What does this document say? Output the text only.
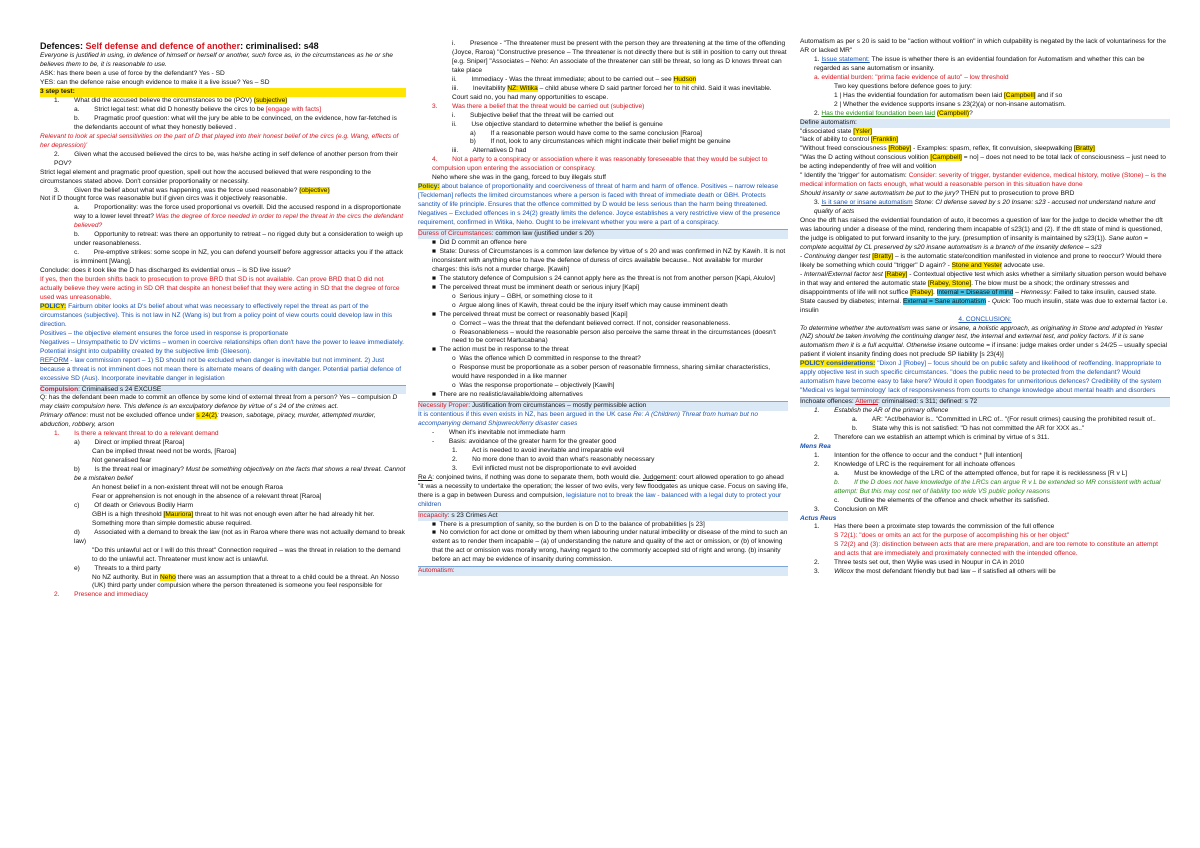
Defences: Self defense and defence of another: criminalised: s48
Everyone is justified in using, in defence of himself or herself or another, such force as, in the circumstances as he or she believes them to be, it is reasonable to use.
ASK: has there been a use of force by the defendant? Yes - SD
YES: can the defence raise enough evidence to make it a live issue? Yes – SD
3 step test:
1.        What did the accused believe the circumstances to be (POV) (subjective)
a.        Strict legal test: what did D honestly believe the circs to be [engage with facts]
b.        Pragmatic proof question: what will the jury be able to be convinced, on the evidence, how far-fetched is the defendants account of what they honestly believed .
Relevant to look at special sensitivities on the part of D that played into their honest belief of the circs (e.g. Wang, effects of her depression)'
2.        Given what the accused believed the circs to be, was he/she acting in self defence of another person from their POV?
Strict legal element and pragmatic proof question, spell out how the accused believed that were responding to the circumstances stated above. Don't consider proportionality or necessity.
3.        Given the belief about what was happening, was the force used reasonable? (objective)
Not if D thought force was reasonable but if given circs was it objectively reasonable.
a.        Proportionality: was the force used proportional vs overkill. Did the accused respond in a disproportionate way to a lower level threat? Was the degree of force needed in order to repel the threat in the circs the defendant believed?
b.        Opportunity to retreat: was there an opportunity to retreat – no rigged duty but a consideration to weigh up under reasonableness.
c.        Pre-emptive strikes: some scope in NZ, you can defend yourself before aggressor attacks you if the attack is imminent [Wang].
Conclude: does it look like the D has discharged its evidential onus – is SD live issue?
If yes, then the burden shifts back to prosecution to prove BRD that SD is not available. Can prove BRD that D did not actually believe they were acting in SD OR that despite an honest belief that they were acting in SD that the degree of force used was unreasonable.
POLICY: Fairburn obiter looks at D's belief about what was necessary to effectively repel the threat as part of the circumstances (subjective). This is not law in NZ (Wang is) but from a policy point of view courts could develop law in this direction.
Positives – the objective element ensures the force used in response is proportionate
Negatives – Unsympathetic to DV victims – women in coercive relationships often don't have the power to leave immediately. Potential insight into culpability created by the subjective limb (Gleeson).
REFORM - law commission report – 1) SD should not be excluded when danger is inevitable but not imminent. 2) Just because a threat is not imminent does not mean there is alternate means of dealing with danger. Potential partial defence of excessive SD (Aus). Incorporate inevitable danger in legislation
Compulsion: Criminalised s 24 EXCUSE
Q: has the defendant been made to commit an offence by some kind of external threat from a person? Yes – compulsion D may claim compulsion here. This defence is an exculpatory defence by virtue of s 24 of the crimes act.
Primary offence: must not be excluded offence under s 24(2): treason, sabotage, piracy, murder, attempted murder, abduction, robbery, arson
1.        Is there a relevant threat to do a relevant demand
a)        Direct or implied threat [Raroa]
Can be implied threat need not be words, [Raroa]
Not generalised fear
b)        Is the threat real or imaginary? Must be something objectively on the facts that shows a real threat. Cannot be a mistaken belief
An honest belief in a non-existent threat will not be enough Raroa
Fear or apprehension is not enough in the absence of a relevant threat [Raroa]
c)        Of death or Grievous Bodily Harm
GBH is a high threshold [Mauriora] threat to hit was not enough even after he had already hit her. Something more than simple domestic abuse required.
d)        Associated with a demand to break the law (not as in Raroa where there was not actually demand to break law)
"Do this unlawful act or I will do this threat" Connection required – was the threat in relation to the demand to do the unlawful act. Threatener must know act is unlawful.
e)        Threats to a third party
No NZ authority. But in Neho there was an assumption that a threat to a child could be a threat. An Nosso (UK) third party under compulsion where the person threatened is someone you feel responsible for
2.        Presence and immediacy
i.        Presence - "The threatener must be present with the person they are threatening at the time of the offending (Joyce, Raroa) "Constructive presence – The threatener is not directly there but is still in position to carry out threat [e.g. Sniper] "Associates – Neho: An associate of the threatener can still be threat, so long as D knows threat can take place
ii.        Immediacy - Was the threat immediate; about to be carried out – see Hudson
iii.        Inevitability NZ: Witika – child abuse where D said partner forced her to hit child. Said it was inevitable. Court said no, you had many opportunities to escape.
3.        Was there a belief that the threat would be carried out (subjective)
i.        Subjective belief that the threat will be carried out
ii.        Use objective standard to determine whether the belief is genuine
a)        If a reasonable person would have come to the same conclusion [Raroa]
b)        If not, look to any circumstances which might indicate their belief might be genuine
iii.        Alternatives D had
4.        Not a party to a conspiracy or association where it was reasonably foreseeable that they would be subject to compulsion upon entering the association or conspiracy.
Neho where she was in the gang, forced to buy illegals stuff
Policy: about balance of proportionality and coerciveness of threat of harm and harm of offence. Positives – narrow release [Teckleman] reflects the limited circumstances where a person is faced with threat of immediate death or GBH. Protects sanctity of life principle. Ensures that the offence committed by D would be less serious than the harm being threatened. Negatives – Excluded offences in s 24(2) greatly limits the defence. Joyce establishes a very restrictive view of the presence requirement, confirmed in Witika, Neho. Ought to be irrelevant whether you were a part of a conspiracy.
Duress of Circumstances: common law (justified under s 20)
■  Did D commit an offence here
■  State: Duress of Circumstances is a common law defence by virtue of s 20 and was confirmed in NZ by Kawih. It is not inconsistent with anything else to have the defence of duress of circs available because.. Not available for murder charges: this is/is not a murder charge. [Kawih]
■  The statutory defence of Compulsion s 24 cannot apply here as the threat is not from another person [Kapi, Akulov]
■  The perceived threat must be imminent death or serious injury [Kapi]
o  Serious injury – GBH, or something close to it
o  Argue along lines of Kawih, threat could be the injury itself which may cause imminent death
■  The perceived threat must be correct or reasonably based [Kapi]
o  Correct – was the threat that the defendant believed correct. If not, consider reasonableness.
o  Reasonableness – would the reasonable person also perceive the same threat in the circumstances (doesn't need to be correct Martucabana)
■  The action must be in response to the threat
o  Was the offence which D committed in response to the threat?
o  Response must be proportionate as a sober person of reasonable firmness, sharing similar characteristics, would have responded in a like manner
o  Was the response proportionate – objectively [Kawih]
■  There are no realistic/available/doing alternatives
Necessity Proper: Justification from circumstances – mostly permissible action
It is contentious if this even exists in NZ, has been argued in the UK case Re: A (Children) Threat from human but no accompanying demand Shipwreck/ferry disaster cases
-        When it's inevitable not immediate harm
-        Basis: avoidance of the greater harm for the greater good
1.        Act is needed to avoid inevitable and irreparable evil
2.        No more done than to avoid than what's reasonably necessary
3.        Evil inflicted must not be disproportionate to evil avoided
Re A: conjoined twins, if nothing was done to separate them, both would die. Judgement: court allowed operation to go ahead "it was a necessity to undertake the operation; the lesser of two evils, very few floodgates as unique case. Focus on saving life, there is a gap in between Duress and compulsion, legislature not to break the law - balanced with a legal duty to protect your children
Incapacity: s 23 Crimes Act
■  There is a presumption of sanity, so the burden is on D to the balance of probabilities [s 23]
■  No conviction for act done or omitted by them when labouring under natural imbecility or disease of the mind to such an extent as to render them incapable – (a) of understanding the nature and quality of the act or omission, or (b) of knowing that the act or omission was morally wrong, having regard to the commonly accepted std of right and wrong. (b) insanity before an act may be evidence of insanity during commission.
Automatism:
Automatism as per s 20 is said to be "action without volition" in which culpability is negated by the lack of voluntariness for the AR or lacked MR"
1. Issue statement: The issue is whether there is an evidential foundation for Automatism and whether this can be regarded as sane automatism or insanity.
a. evidential burden: "prima facie evidence of auto" – low threshold
Two key questions before defence goes to jury:
1 | Has the evidential foundation for automatism been laid [Campbell] and if so
2 | Whether the evidence supports insane s 23(2)(a) or non-insane automatism.
2. Has the evidential foundation been laid (Campbell)?
Define automatism:
"dissociated state [Ysler]
"lack of ability to control [Franklin]
"Without freed consciousness [Robey] - Examples: spasm, reflex, fit convulsion, sleepwalking [Bratty]
"Was the D acting without conscious volition [Campbell] = no] – does not need to be total lack of consciousness – just need to be acting independently of free will and volition
" Identify the 'trigger' for automatism: Consider: severity of trigger, bystander evidence, medical history, motive (Stone) – is the medical information on facts enough, what would a reasonable person in this situation have done
Should insanity or sane automatism be put to the jury? THEN put to prosecution to prove BRD
3. Is it sane or insane automatism Stone: CI defense saved by s 20 Insane: s23 - accused not understand nature and quality of acts
Once the dft has raised the evidential foundation of auto, it becomes a question of law for the judge to decide whether the dft was labouring under a disease of the mind, rendering them incapable of s23(1) and (2). If the dft state of mind is questioned, the judge is obligated to put forward insanity to the jury. (presumption of insanity is maintained by s23(1)). Sane auton = complete acquittal by CL preserved by s20 insane automatism is a branch of the insanity defence – s23
- Continuing danger test [Bratty] – is the automatic state/condition manifested in violence and prone to reoccur? Would there likely be something which could "trigger" D again? - Stone and Yester advocate use.
- Internal/External factor test [Rabey] - Contextual objective test which asks whether a similarly situation person would behave in that way and entered the automatic state [Rabey, Stone]. The blow must be a shock; the ordinary stresses and disappointments of life will not suffice [Rabey]. Internal = Disease of mind – Hennessy: Failed to take insulin, caused state. State caused by diabetes; internal. External = Sane automatism - Quick: Too much insulin, state was due to external factor i.e. insulin
4. CONCLUSION:
To determine whether the automatism was sane or insane, a holistic approach, as originating in Stone and adopted in Yester (NZ) should be taken involving the continuing danger test, the internal and external test, and policy factors. If it is sane automatism then it is a full acquittal. Otherwise insane outcome = if insane: judge makes order under s 24/25 – usually special patient if violent insanity finding does not preclude SP liability [s 23(4)]
POLICY considerations: "Dixon J [Robey] – focus should be on public safety and likelihood of reoffending. Inappropriate to apply objective test in such specific circumstances. "does the public need to be protected from the defendant? Would automatism have become easy to fake here? Would it open floodgates for unmeritorious defences? Credibility of the system "Medical vs legal terminology' lack of responsiveness from courts to change knowledge about mental health and disorders
Inchoate offences: Attempt: criminalised: s 311; defined: s 72
1.        Establish the AR of the primary offence
a.        AR: "Act/behavior is.. "Committed in LRC of.. "(For result crimes) causing the prohibited result of..
b.        State why this is not satisfied: "D has not committed the AR for XXX as.."
2.        Therefore can we establish an attempt which is criminal by virtue of s 311.
Mens Rea
1.        Intention for the offence to occur and the conduct * [full intention]
2.        Knowledge of LRC is the requirement for all inchoate offences
a.        Must be knowledge of the LRC of the attempted offence, but for rape it is recklessness [R v L]
b.        If the D does not have knowledge of the LRCs can argue R v L be extended so MR consistent with actual attempt: But this may cost net of liability too wide VS public policy reasons
c.        Outline the elements of the offence and check whether its satisfied.
3.        Conclusion on MR
Actus Reus
1.        Has there been a proximate step towards the commission of the full offence
S 72(1): "does or omits an act for the purpose of accomplishing his or her object"
S 72(2) and (3): distinction between acts that are mere preparation, and are too remote to constitute an attempt and acts that are immediately and proximately connected with the intended offence.
2.        Three tests set out, then Wylie was used in Noupur in CA in 2010
3.        Wilcox the most defendant friendly but bad law – if satisfied all others will be
